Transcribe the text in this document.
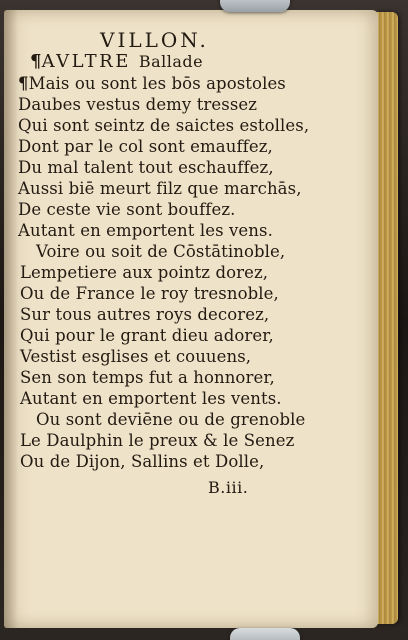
VILLON.
¶AVLTRE Ballade
¶Mais ou sont les bōs apostoles
Daubes vestus demy tressez
Qui sont seintz de saictes estolles,
Dont par le col sont emauffez,
Du mal talent tout eschauffez,
Aussi biē meurt filz que marchās,
De ceste vie sont bouffez.
Autant en emportent les vens.
Voire ou soit de Cōstātinoble,
Lempetiere aux pointz dorez,
Ou de France le roy tresnoble,
Sur tous autres roys decorez,
Qui pour le grant dieu adorer,
Vestist esglises et couuens,
Sen son temps fut a honnorer,
Autant en emportent les vents.
Ou sont deviēne ou de grenoble
Le Daulphin le preux & le Senez
Ou de Dijon, Sallins et Dolle,
B.iii.
